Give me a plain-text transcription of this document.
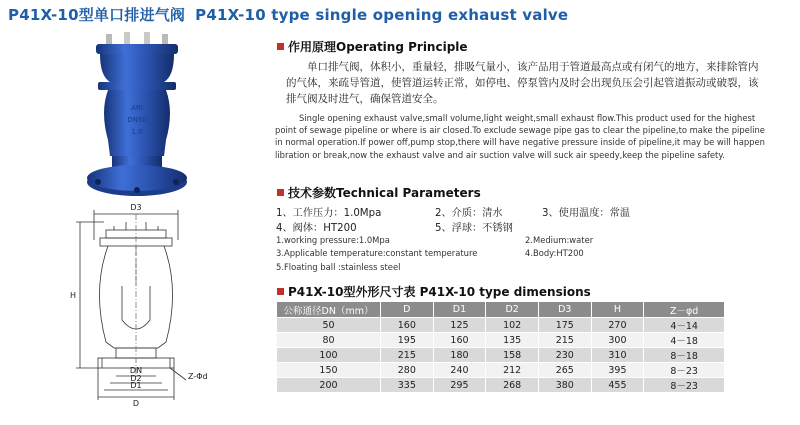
P41X-10型单口排进气阀 P41X-10 type single opening exhaust valve
ARI
DN50
1.0
D3
H
DN
D2
D1
D
Z-Φd
作用原理Operating Principle
单口排气阀，体积小，重量轻，排吸气量小，该产品用于管道最高点或有闭气的地方，来排除管内的气体，来疏导管道，使管道运转正常，如停电、停泵管内及时会出现负压会引起管道振动或破裂，该排气阀及时进气，确保管道安全。
Single opening exhaust valve,small volume,light weight,small exhaust flow.This product used for the highest point of sewage pipeline or where is air closed.To exclude sewage pipe gas to clear the pipeline,to make the pipeline in normal operation.If power off,pump stop,there will have negative pressure inside of pipeline,it may be will happen libration or break,now the exhaust valve and air suction valve will suck air speedy,keep the pipeline safety.
技术参数Technical Parameters
1、工作压力：1.0Mpa	2、介质：清水	3、使用温度：常温
4、阀体：HT200	5、浮球：不锈钢
1.working pressure:1.0Mpa	2.Medium:water
3.Applicable temperature:constant temperature	4.Body:HT200
5.Floating ball :stainless steel
P41X-10型外形尺寸表 P41X-10 type dimensions
公称通径DN（mm）	D	D1	D2	D3	H	Z－φd
50	160	125	102	175	270	4－14
80	195	160	135	215	300	4－18
100	215	180	158	230	310	8－18
150	280	240	212	265	395	8－23
200	335	295	268	380	455	8－23
